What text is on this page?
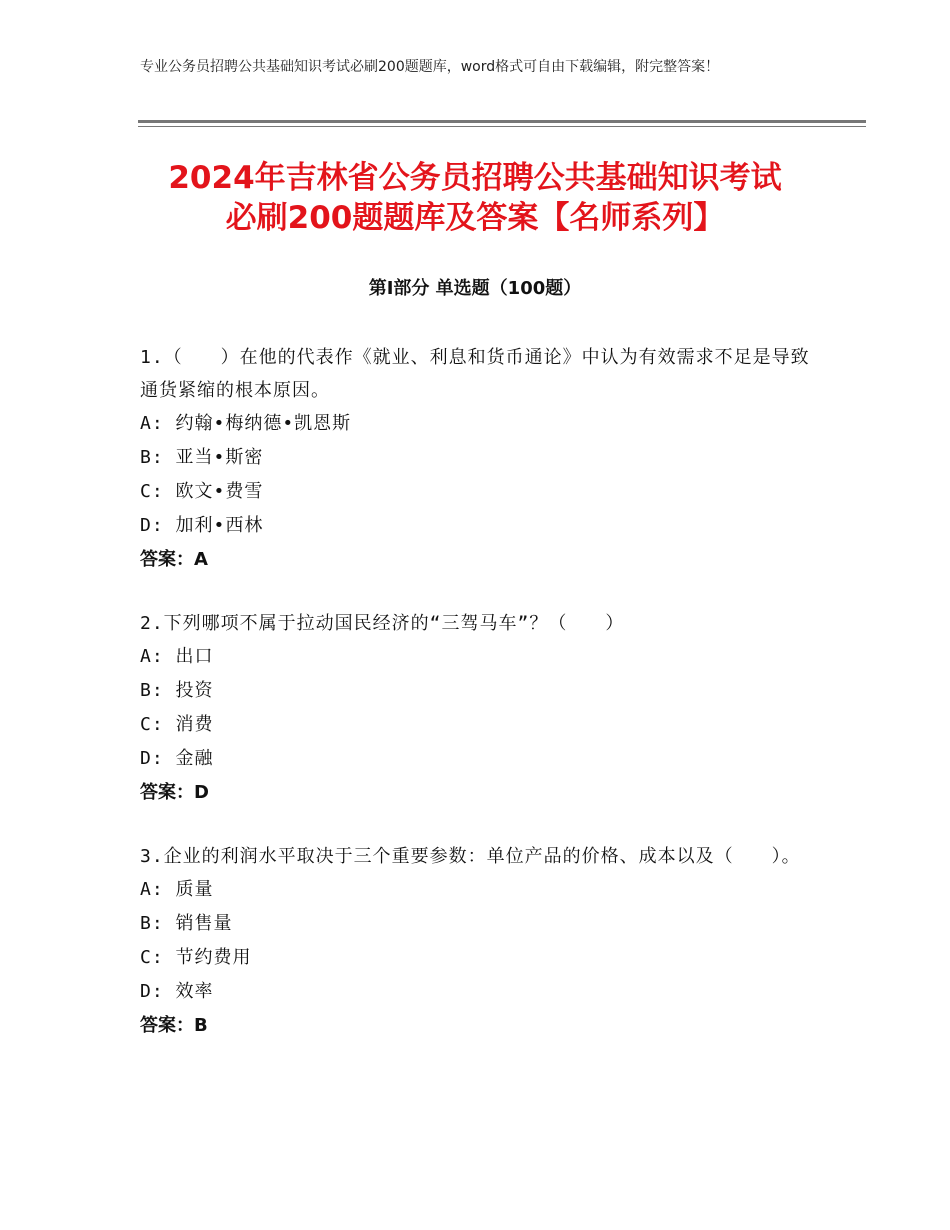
专业公务员招聘公共基础知识考试必刷200题题库，word格式可自由下载编辑，附完整答案！
2024年吉林省公务员招聘公共基础知识考试
必刷200题题库及答案【名师系列】
第Ⅰ部分 单选题（100题）
1.（　　）在他的代表作《就业、利息和货币通论》中认为有效需求不足是导致通货紧缩的根本原因。
A: 约翰•梅纳德•凯恩斯
B: 亚当•斯密
C: 欧文•费雪
D: 加利•西林
答案：A
2.下列哪项不属于拉动国民经济的“三驾马车”？（　　）
A: 出口
B: 投资
C: 消费
D: 金融
答案：D
3.企业的利润水平取决于三个重要参数：单位产品的价格、成本以及（　　）。
A: 质量
B: 销售量
C: 节约费用
D: 效率
答案：B
